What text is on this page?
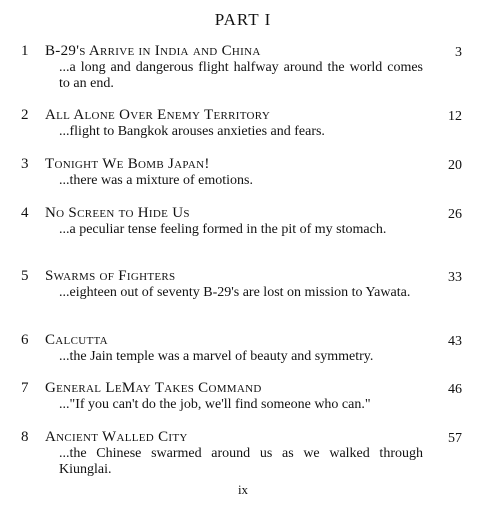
PART I
1 B-29's Arrive in India and China	3
...a long and dangerous flight halfway around the world comes to an end.
2 All Alone Over Enemy Territory	12
...flight to Bangkok arouses anxieties and fears.
3 Tonight We Bomb Japan!	20
...there was a mixture of emotions.
4 No Screen to Hide Us	26
...a peculiar tense feeling formed in the pit of my stomach.
5 Swarms of Fighters	33
...eighteen out of seventy B-29's are lost on mission to Yawata.
6 Calcutta	43
...the Jain temple was a marvel of beauty and symmetry.
7 General LeMay Takes Command	46
..."If you can't do the job, we'll find someone who can."
8 Ancient Walled City	57
...the Chinese swarmed around us as we walked through Kiunglai.
ix
